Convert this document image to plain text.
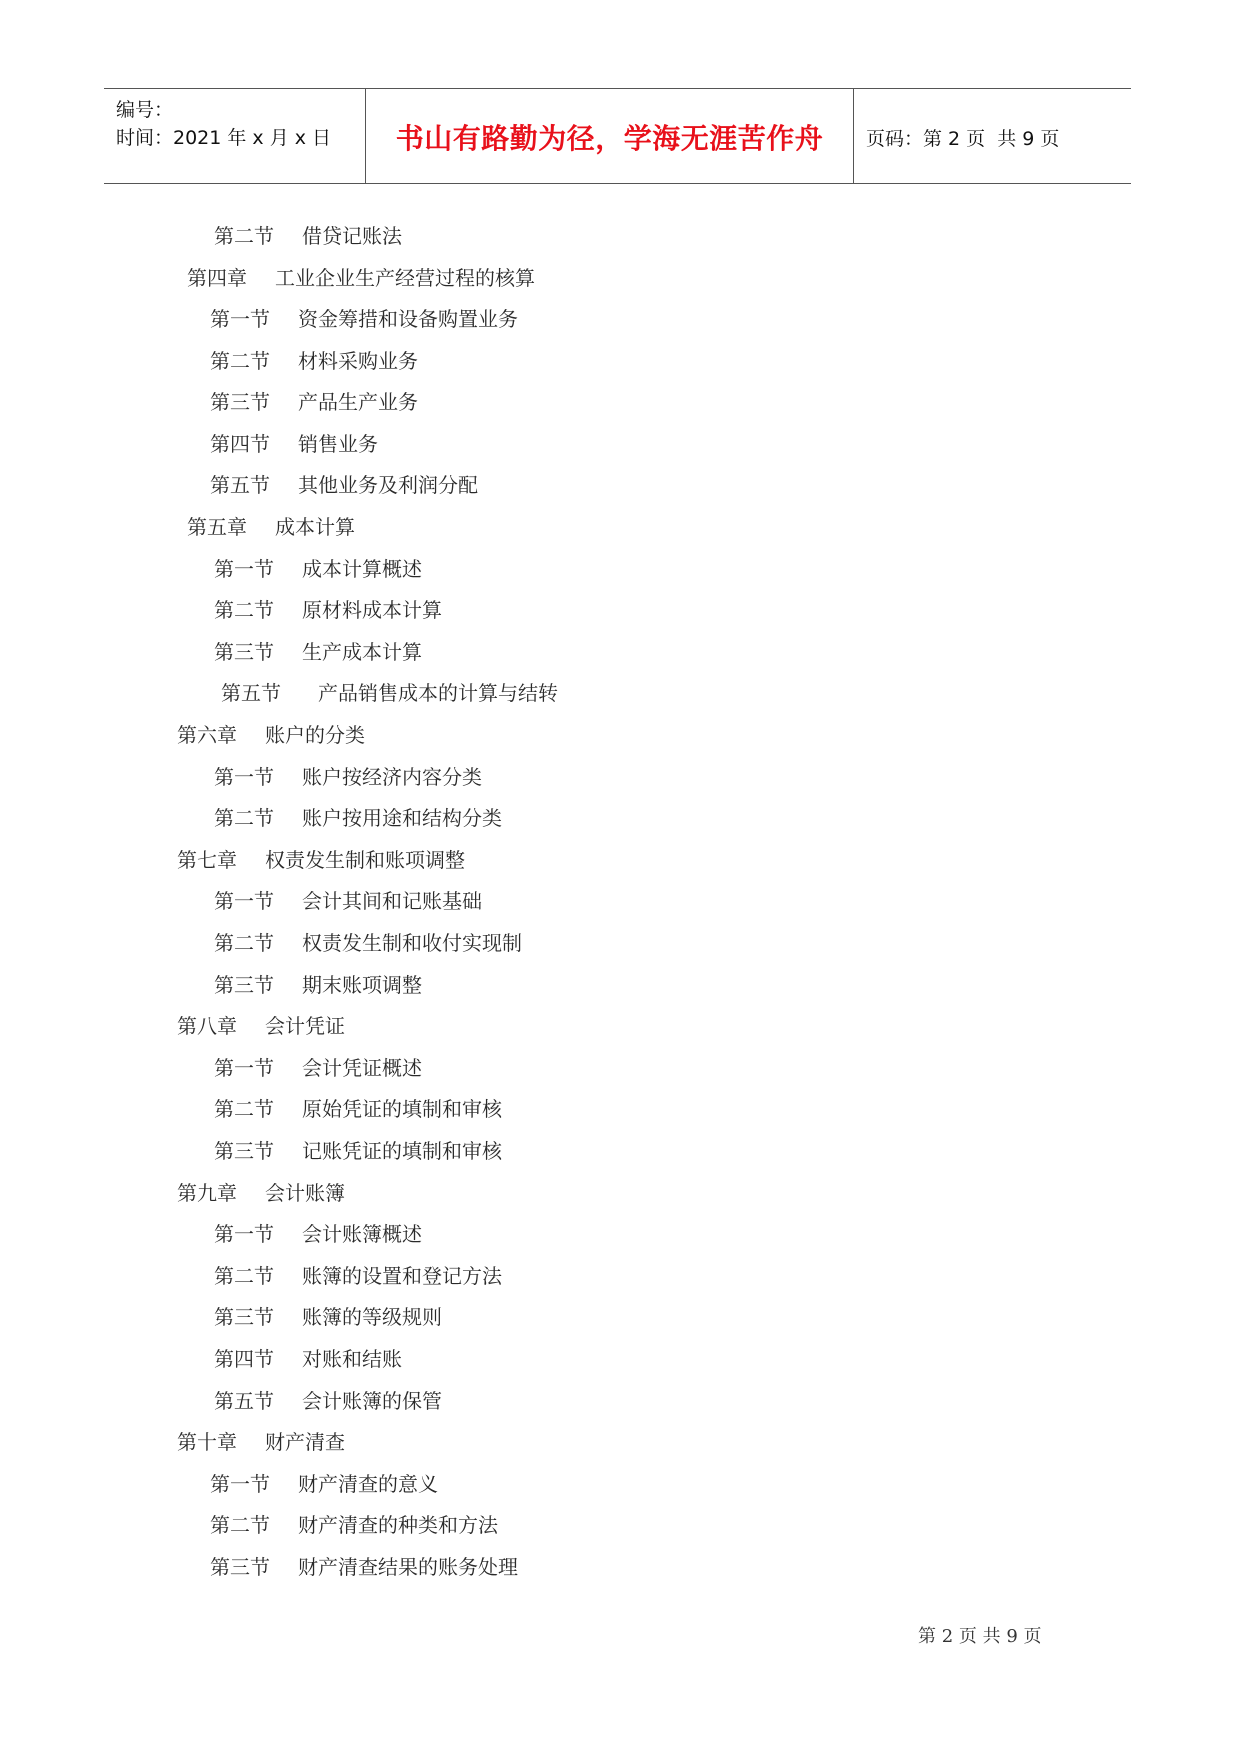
编号：
时间：2021 年 x 月 x 日	书山有路勤为径，学海无涯苦作舟	页码：第 2 页  共 9 页
第二节 借贷记账法
第四章 工业企业生产经营过程的核算
第一节 资金筹措和设备购置业务
第二节 材料采购业务
第三节 产品生产业务
第四节 销售业务
第五节 其他业务及利润分配
第五章 成本计算
第一节 成本计算概述
第二节 原材料成本计算
第三节 生产成本计算
第五节 产品销售成本的计算与结转
第六章 账户的分类
第一节 账户按经济内容分类
第二节 账户按用途和结构分类
第七章 权责发生制和账项调整
第一节 会计其间和记账基础
第二节 权责发生制和收付实现制
第三节 期末账项调整
第八章 会计凭证
第一节 会计凭证概述
第二节 原始凭证的填制和审核
第三节 记账凭证的填制和审核
第九章 会计账簿
第一节 会计账簿概述
第二节 账簿的设置和登记方法
第三节 账簿的等级规则
第四节 对账和结账
第五节 会计账簿的保管
第十章 财产清查
第一节 财产清查的意义
第二节 财产清查的种类和方法
第三节 财产清查结果的账务处理
第 2 页 共 9 页
